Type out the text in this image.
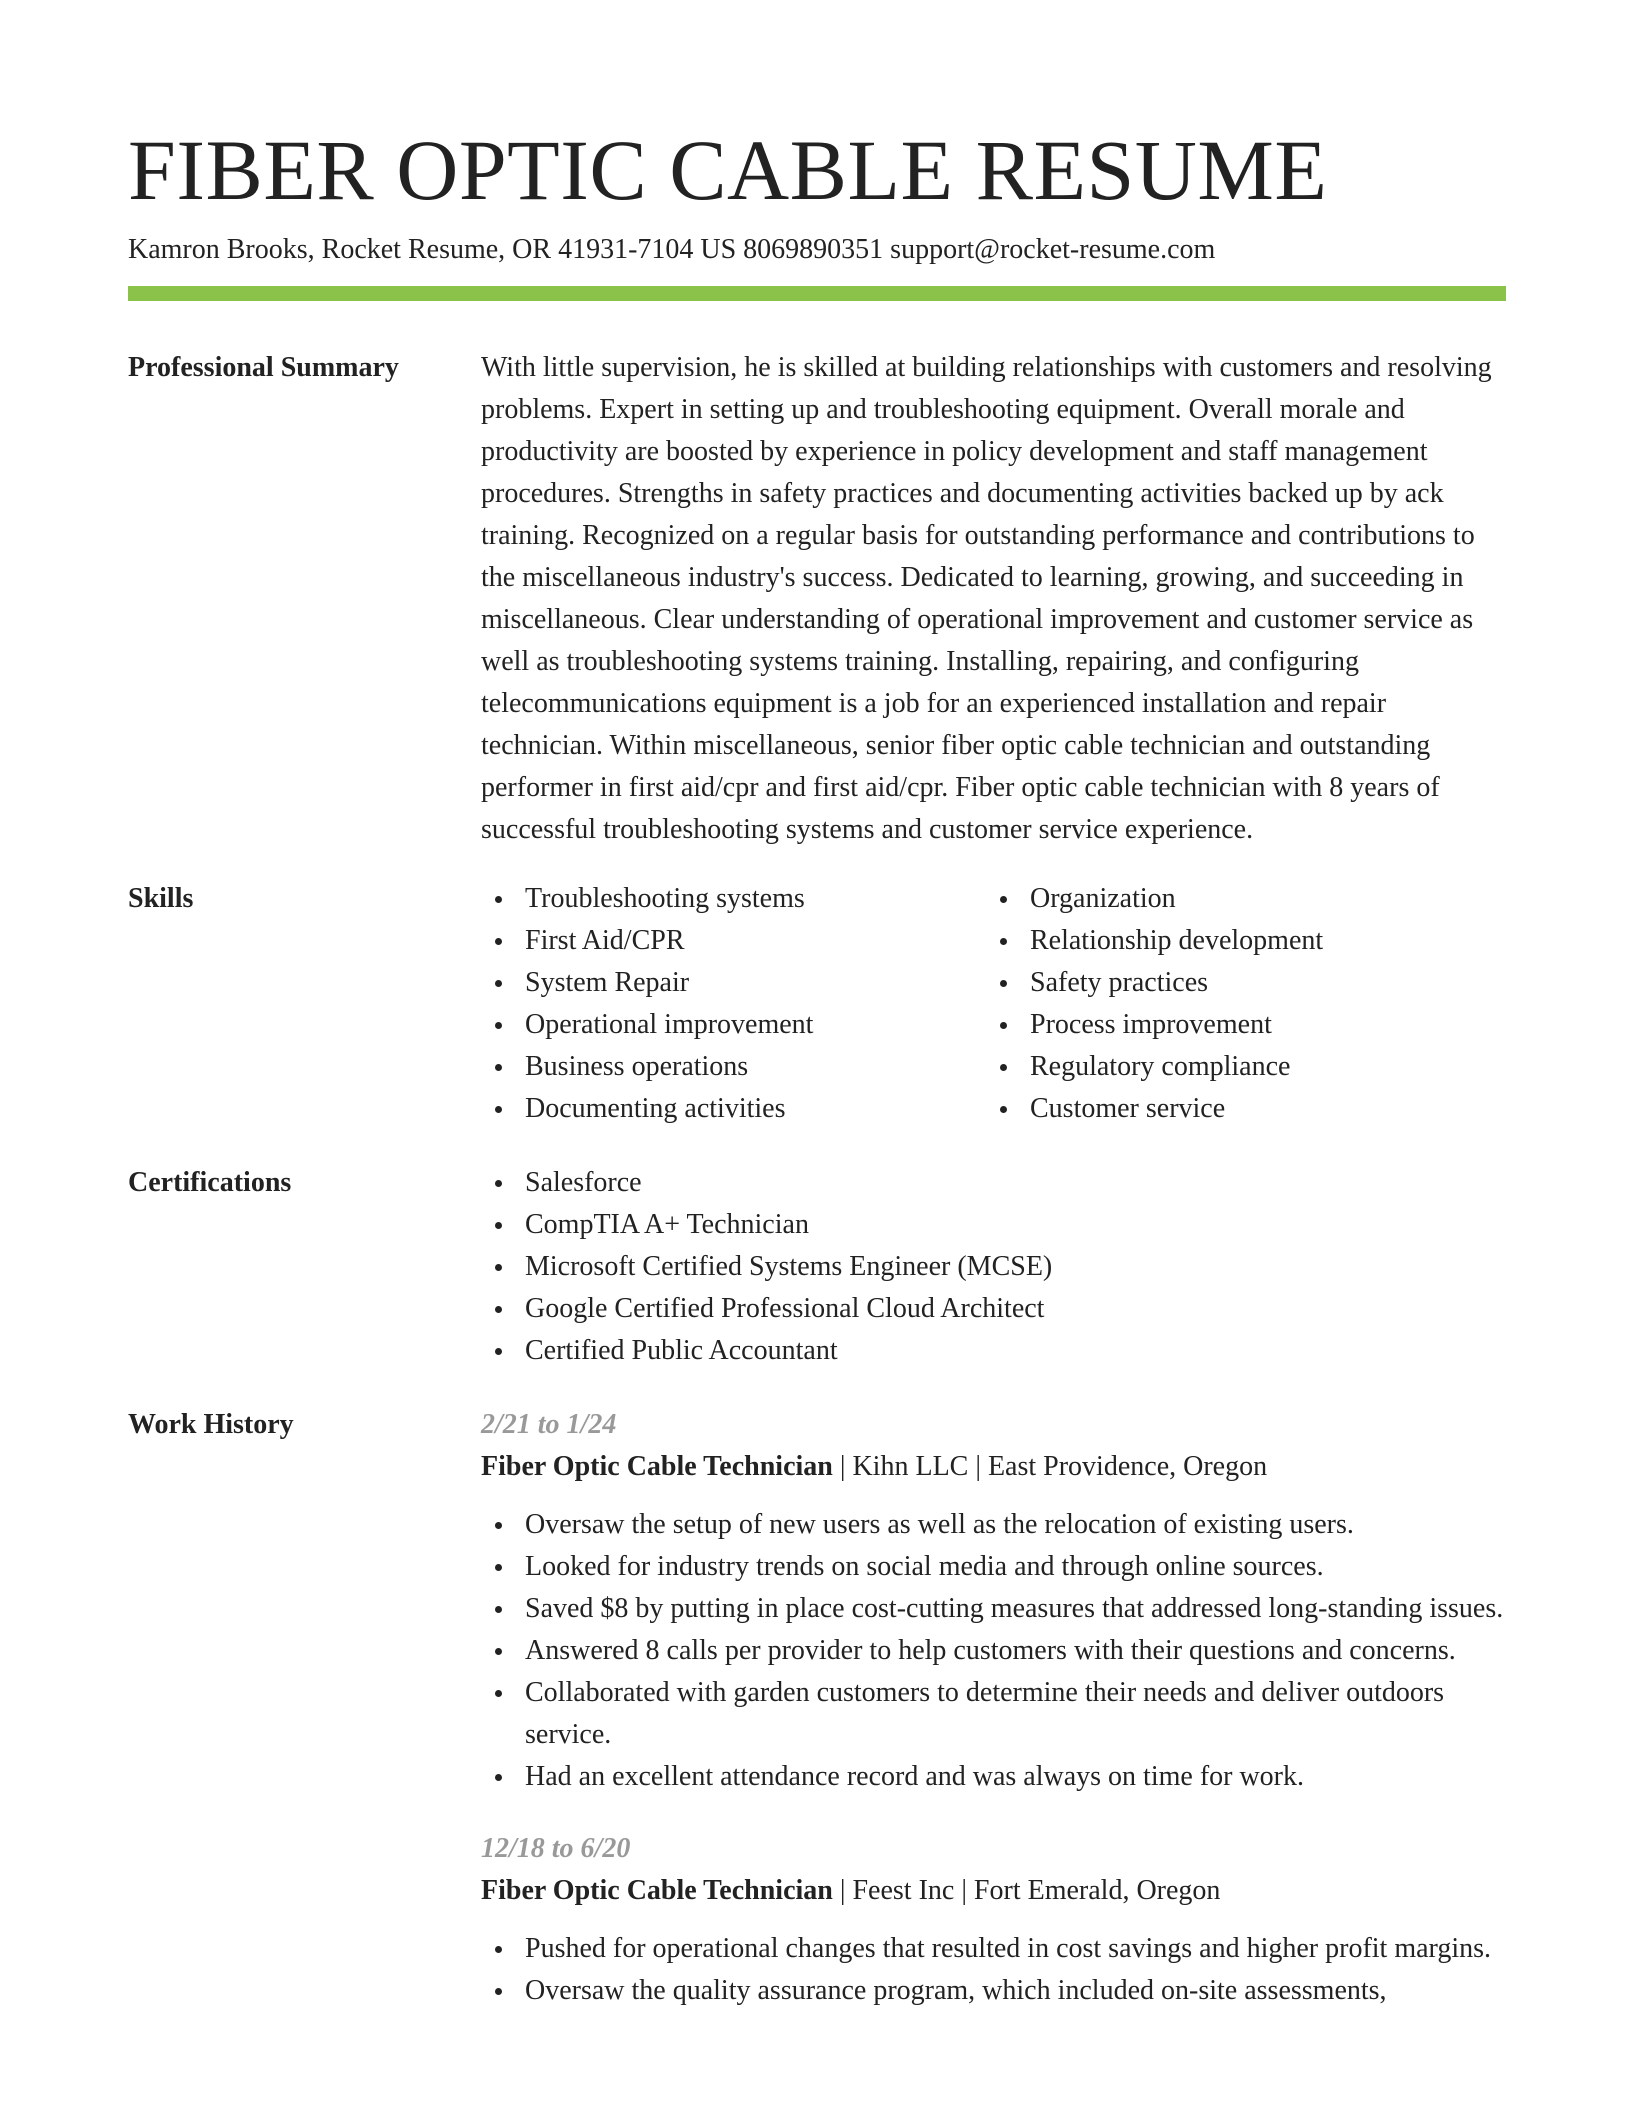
FIBER OPTIC CABLE RESUME
Kamron Brooks, Rocket Resume, OR 41931-7104 US 8069890351 support@rocket-resume.com
Professional Summary	With little supervision, he is skilled at building relationships with customers and resolving problems. Expert in setting up and troubleshooting equipment. Overall morale and productivity are boosted by experience in policy development and staff management procedures. Strengths in safety practices and documenting activities backed up by ack training. Recognized on a regular basis for outstanding performance and contributions to the miscellaneous industry's success. Dedicated to learning, growing, and succeeding in miscellaneous. Clear understanding of operational improvement and customer service as well as troubleshooting systems training. Installing, repairing, and configuring telecommunications equipment is a job for an experienced installation and repair technician. Within miscellaneous, senior fiber optic cable technician and outstanding performer in first aid/cpr and first aid/cpr. Fiber optic cable technician with 8 years of successful troubleshooting systems and customer service experience.

Skills	Troubleshooting systems
First Aid/CPR
System Repair
Operational improvement
Business operations
Documenting activities
Organization
Relationship development
Safety practices
Process improvement
Regulatory compliance
Customer service
Certifications	Salesforce
CompTIA A+ Technician
Microsoft Certified Systems Engineer (MCSE)
Google Certified Professional Cloud Architect
Certified Public Accountant
Work History	2/21 to 1/24
Fiber Optic Cable Technician | Kihn LLC | East Providence, Oregon
Oversaw the setup of new users as well as the relocation of existing users.
Looked for industry trends on social media and through online sources.
Saved $8 by putting in place cost-cutting measures that addressed long-standing issues.
Answered 8 calls per provider to help customers with their questions and concerns.
Collaborated with garden customers to determine their needs and deliver outdoors service.
Had an excellent attendance record and was always on time for work.
12/18 to 6/20
Fiber Optic Cable Technician | Feest Inc | Fort Emerald, Oregon
Pushed for operational changes that resulted in cost savings and higher profit margins.
Oversaw the quality assurance program, which included on-site assessments,
